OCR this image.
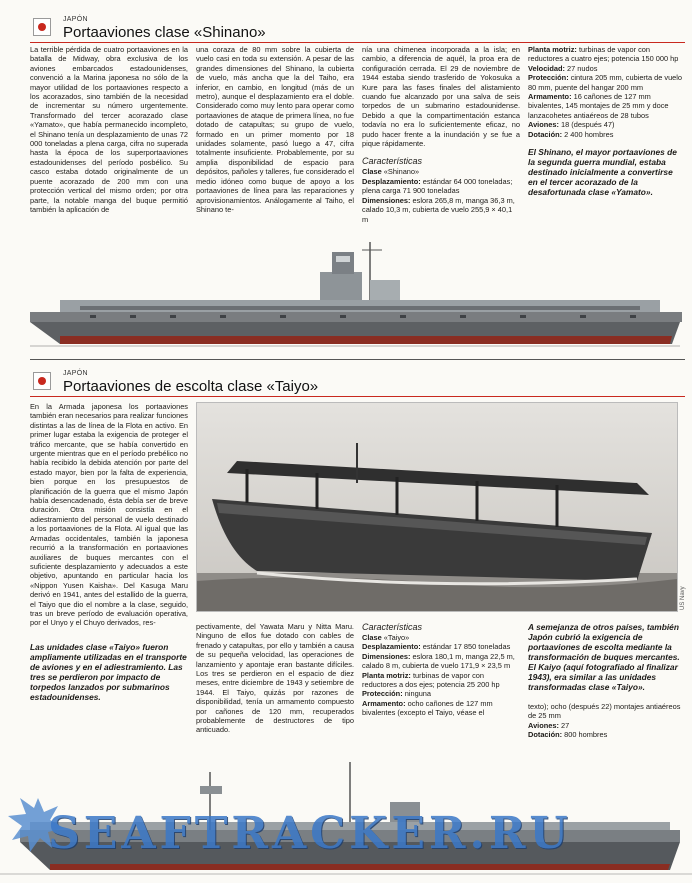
JAPÓN
Portaaviones clase «Shinano»

La terrible pérdida de cuatro portaaviones en la batalla de Midway, obra exclusiva de los aviones embarcados estadounidenses, convenció a la Marina japonesa no sólo de la mayor utilidad de los portaaviones respecto a los acorazados, sino también de la necesidad de incrementar su número urgentemente. Transformado del tercer acorazado clase «Yamato», que había permanecido incompleto, el Shinano tenía un desplazamiento de unas 72 000 toneladas a plena carga, cifra no superada hasta la época de los superportaaviones estadounidenses del período posbélico. Su casco estaba dotado originalmente de un puente acorazado de 200 mm con una protección vertical del mismo orden; por otra parte, la notable manga del buque permitió también la aplicación de

una coraza de 80 mm sobre la cubierta de vuelo casi en toda su extensión. A pesar de las grandes dimensiones del Shinano, la cubierta de vuelo, más ancha que la del Taiho, era inferior, en cambio, en longitud (más de un metro), aunque el desplazamiento era el doble. Considerado como muy lento para operar como portaaviones de ataque de primera línea, no fue dotado de catapultas; su grupo de vuelo, formado en un primer momento por 18 unidades solamente, pasó luego a 47, cifra totalmente insuficiente. Probablemente, por su amplia disponibilidad de espacio para depósitos, pañoles y talleres, fue considerado el medio idóneo como buque de apoyo a los portaaviones de línea para las reparaciones y aprovisionamientos. Análogamente al Taiho, el Shinano te-

nía una chimenea incorporada a la isla; en cambio, a diferencia de aquél, la proa era de configuración cerrada. El 29 de noviembre de 1944 estaba siendo trasferido de Yokosuka a Kure para las fases finales del alistamiento cuando fue alcanzado por una salva de seis torpedos de un submarino estadounidense. Debido a que la compartimentación estanca todavía no era lo suficientemente eficaz, no pudo hacer frente a la inundación y se fue a pique rápidamente.

Características

Clase «Shinano»

Desplazamiento: estándar 64 000 toneladas; plena carga 71 900 toneladas

Dimensiones: eslora 265,8 m, manga 36,3 m, calado 10,3 m, cubierta de vuelo 255,9 × 40,1 m

Planta motriz: turbinas de vapor con reductores a cuatro ejes; potencia 150 000 hp

Velocidad: 27 nudos

Protección: cintura 205 mm, cubierta de vuelo 80 mm, puente del hangar 200 mm

Armamento: 16 cañones de 127 mm bivalentes, 145 montajes de 25 mm y doce lanzacohetes antiaéreos de 28 tubos

Aviones: 18 (después 47)

Dotación: 2 400 hombres

El Shinano, el mayor portaaviones de la segunda guerra mundial, estaba destinado inicialmente a convertirse en el tercer acorazado de la desafortunada clase «Yamato».

JAPÓN
Portaaviones de escolta clase «Taiyo»

En la Armada japonesa los portaaviones también eran necesarios para realizar funciones distintas a las de línea de la Flota en activo. En primer lugar estaba la exigencia de proteger el tráfico mercante, que se había convertido en urgente mientras que en el período prebélico no había recibido la debida atención por parte del estado mayor, bien por la falta de experiencia, bien porque en los presupuestos de planificación de la guerra que el mismo Japón había desencadenado, ésta debía ser de breve duración. Otra misión consistía en el adiestramiento del personal de vuelo destinado a los portaaviones de la Flota. Al igual que las Armadas occidentales, también la japonesa recurrió a la transformación en portaaviones auxiliares de buques mercantes con el suficiente desplazamiento y adecuados a este objetivo, apuntando en particular hacia los «Nippon Yusen Kaisha». Del Kasuga Maru derivó en 1941, antes del estallido de la guerra, el Taiyo que dio el nombre a la clase, seguido, tras un breve período de evaluación operativa, por el Unyo y el Chuyo derivados, res-

Las unidades clase «Taiyo» fueron ampliamente utilizadas en el transporte de aviones y en el adiestramiento. Las tres se perdieron por impacto de torpedos lanzados por submarinos estadounidenses.

US Navy

pectivamente, del Yawata Maru y Nitta Maru. Ninguno de ellos fue dotado con cables de frenado y catapultas, por ello y también a causa de su pequeña velocidad, las operaciones de lanzamiento y apontaje eran bastante difíciles. Los tres se perdieron en el espacio de diez meses, entre diciembre de 1943 y setiembre de 1944. El Taiyo, quizás por razones de disponibilidad, tenía un armamento compuesto por cañones de 120 mm, recuperados probablemente de destructores de tipo anticuado.

Características

Clase «Taiyo»

Desplazamiento: estándar 17 850 toneladas

Dimensiones: eslora 180,1 m, manga 22,5 m, calado 8 m, cubierta de vuelo 171,9 × 23,5 m

Planta motriz: turbinas de vapor con reductores a dos ejes; potencia 25 200 hp

Protección: ninguna

Armamento: ocho cañones de 127 mm bivalentes (excepto el Taiyo, véase el

A semejanza de otros países, también Japón cubrió la exigencia de portaaviones de escolta mediante la transformación de buques mercantes. El Kaiyo (aquí fotografiado al finalizar 1943), era similar a las unidades transformadas clase «Taiyo».

texto); ocho (después 22) montajes antiaéreos de 25 mm

Aviones: 27

Dotación: 800 hombres

SEAFTRACKER.RU
